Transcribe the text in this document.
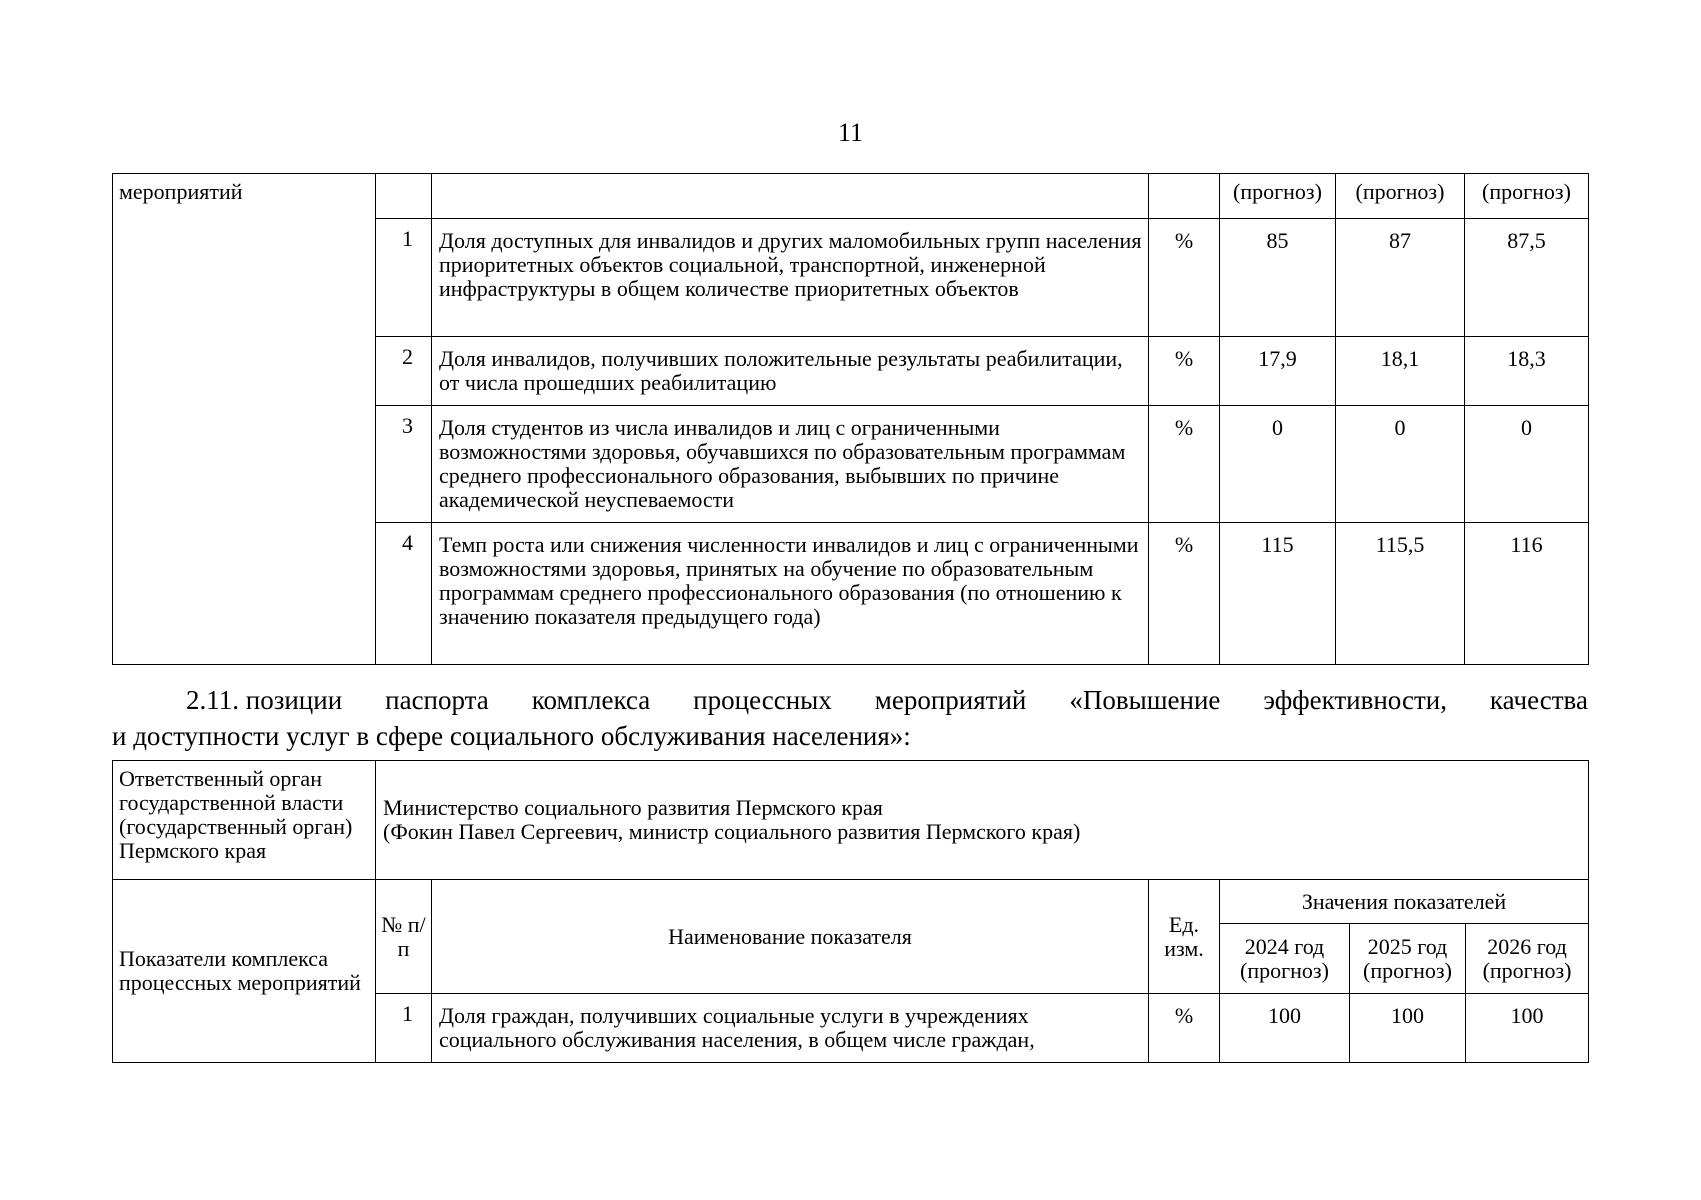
11
мероприятий				(прогноз)	(прогноз)	(прогноз)
	1	Доля доступных для инвалидов и других маломобильных групп населения приоритетных объектов социальной, транспортной, инженерной инфраструктуры в общем количестве приоритетных объектов	%	85	87	87,5
	2	Доля инвалидов, получивших положительные результаты реабилитации, от числа прошедших реабилитацию	%	17,9	18,1	18,3
	3	Доля студентов из числа инвалидов и лиц с ограниченными возможностями здоровья, обучавшихся по образовательным программам среднего профессионального образования, выбывших по причине академической неуспеваемости	%	0	0	0
	4	Темп роста или снижения численности инвалидов и лиц с ограниченными возможностями здоровья, принятых на обучение по образовательным программам среднего профессионального образования (по отношению к значению показателя предыдущего года)	%	115	115,5	116
2.11. позиции паспорта комплекса процессных мероприятий «Повышение эффективности, качества
и доступности услуг в сфере социального обслуживания населения»:
Ответственный орган государственной власти (государственный орган) Пермского края	Министерство социального развития Пермского края
(Фокин Павел Сергеевич, министр социального развития Пермского края)					

Показатели комплекса процессных мероприятий	№ п/п	Наименование показателя	Ед. изм.	Значения показателей		
				2024 год (прогноз)	2025 год (прогноз)	2026 год (прогноз)
	1	Доля граждан, получивших социальные услуги в учреждениях социального обслуживания населения, в общем числе граждан,	%	100	100	100
